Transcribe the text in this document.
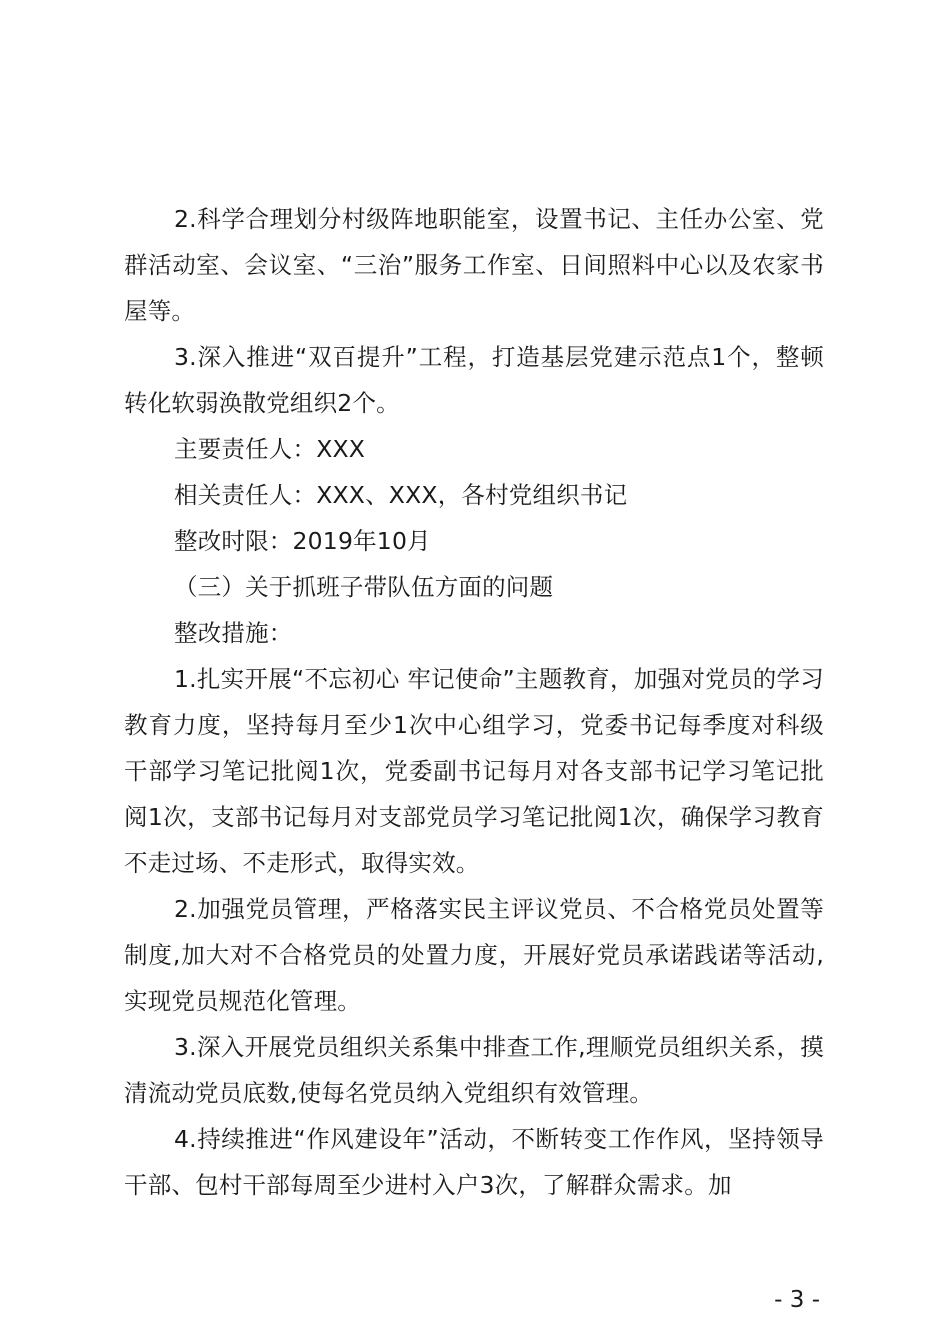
2.科学合理划分村级阵地职能室，设置书记、主任办公室、党群活动室、会议室、“三治”服务工作室、日间照料中心以及农家书屋等。

3.深入推进“双百提升”工程，打造基层党建示范点1个，整顿转化软弱涣散党组织2个。

主要责任人：XXX

相关责任人：XXX、XXX，各村党组织书记

整改时限：2019年10月

（三）关于抓班子带队伍方面的问题

整改措施：

1.扎实开展“不忘初心 牢记使命”主题教育，加强对党员的学习教育力度，坚持每月至少1次中心组学习，党委书记每季度对科级干部学习笔记批阅1次，党委副书记每月对各支部书记学习笔记批阅1次，支部书记每月对支部党员学习笔记批阅1次，确保学习教育不走过场、不走形式，取得实效。

2.加强党员管理，严格落实民主评议党员、不合格党员处置等制度,加大对不合格党员的处置力度，开展好党员承诺践诺等活动,实现党员规范化管理。

3.深入开展党员组织关系集中排查工作,理顺党员组织关系，摸清流动党员底数,使每名党员纳入党组织有效管理。

4.持续推进“作风建设年”活动，不断转变工作作风，坚持领导干部、包村干部每周至少进村入户3次，了解群众需求。加

- 3 -
